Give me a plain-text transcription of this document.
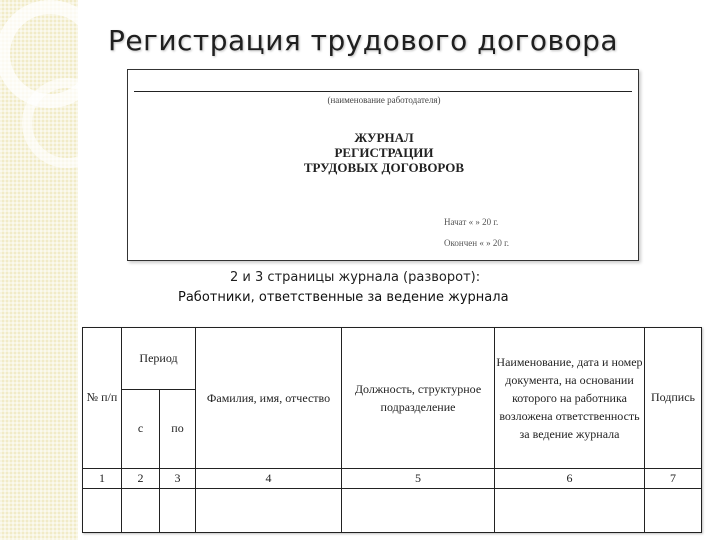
Регистрация трудового договора
(наименование работодателя)
ЖУРНАЛ
РЕГИСТРАЦИИ
ТРУДОВЫХ ДОГОВОРОВ
Начат « » 20 г.
Окончен « » 20 г.
2 и 3 страницы журнала (разворот):
Работники, ответственные за ведение журнала
№ п/п	Период		Фамилия, имя, отчество	Должность, структурное подразделение	Наименование, дата и номер документа, на основании которого на работника возложена ответственность за ведение журнала	Подпись
	с	по				
1	2	3	4	5	6	7
